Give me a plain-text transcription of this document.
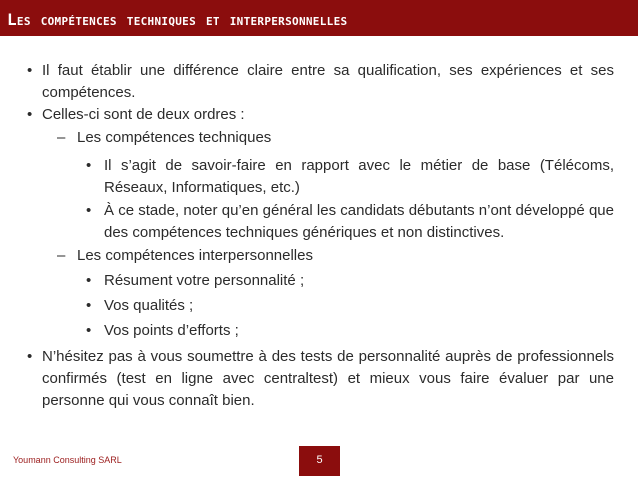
Les compétences techniques et interpersonnelles
• Il faut établir une différence claire entre sa qualification, ses expériences et ses compétences.
• Celles-ci sont de deux ordres :
– Les compétences techniques
• Il s’agit de savoir-faire en rapport avec le métier de base (Télécoms, Réseaux, Informatiques, etc.)
• À ce stade, noter qu’en général les candidats débutants n’ont développé que des compétences techniques génériques et non distinctives.
– Les compétences interpersonnelles
• Résument votre personnalité ;
• Vos qualités ;
• Vos points d’efforts ;
• N’hésitez pas à vous soumettre à des tests de personnalité auprès de professionnels confirmés (test en ligne avec centraltest) et mieux vous faire évaluer par une personne qui vous connaît bien.
Youmann Consulting SARL	5
